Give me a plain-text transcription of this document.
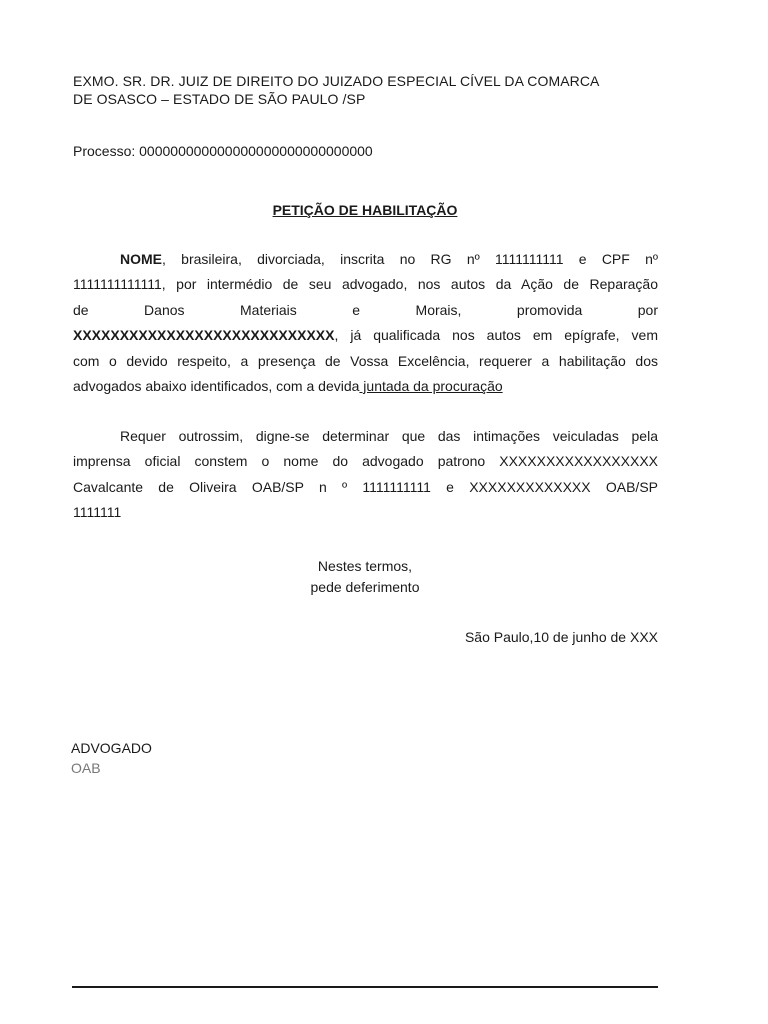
EXMO. SR. DR. JUIZ DE DIREITO DO JUIZADO ESPECIAL CÍVEL DA COMARCA
DE OSASCO – ESTADO DE SÃO PAULO /SP
Processo: 000000000000000000000000000000
PETIÇÃO DE HABILITAÇÃO
NOME, brasileira, divorciada, inscrita no RG nº 1111111111 e CPF nº
1111111111111, por intermédio de seu advogado, nos autos da Ação de Reparação
de Danos Materiais e Morais, promovida por
XXXXXXXXXXXXXXXXXXXXXXXXXXXX, já qualificada nos autos em epígrafe, vem
com o devido respeito, a presença de Vossa Excelência, requerer a habilitação dos
advogados abaixo identificados, com a devida juntada da procuração
Requer outrossim, digne-se determinar que das intimações veiculadas pela
imprensa oficial constem o nome do advogado patrono XXXXXXXXXXXXXXXXX
Cavalcante de Oliveira OAB/SP n º 1111111111 e XXXXXXXXXXXXX OAB/SP
1111111
Nestes termos,
pede deferimento
São Paulo,10 de junho de XXX
ADVOGADO
OAB
